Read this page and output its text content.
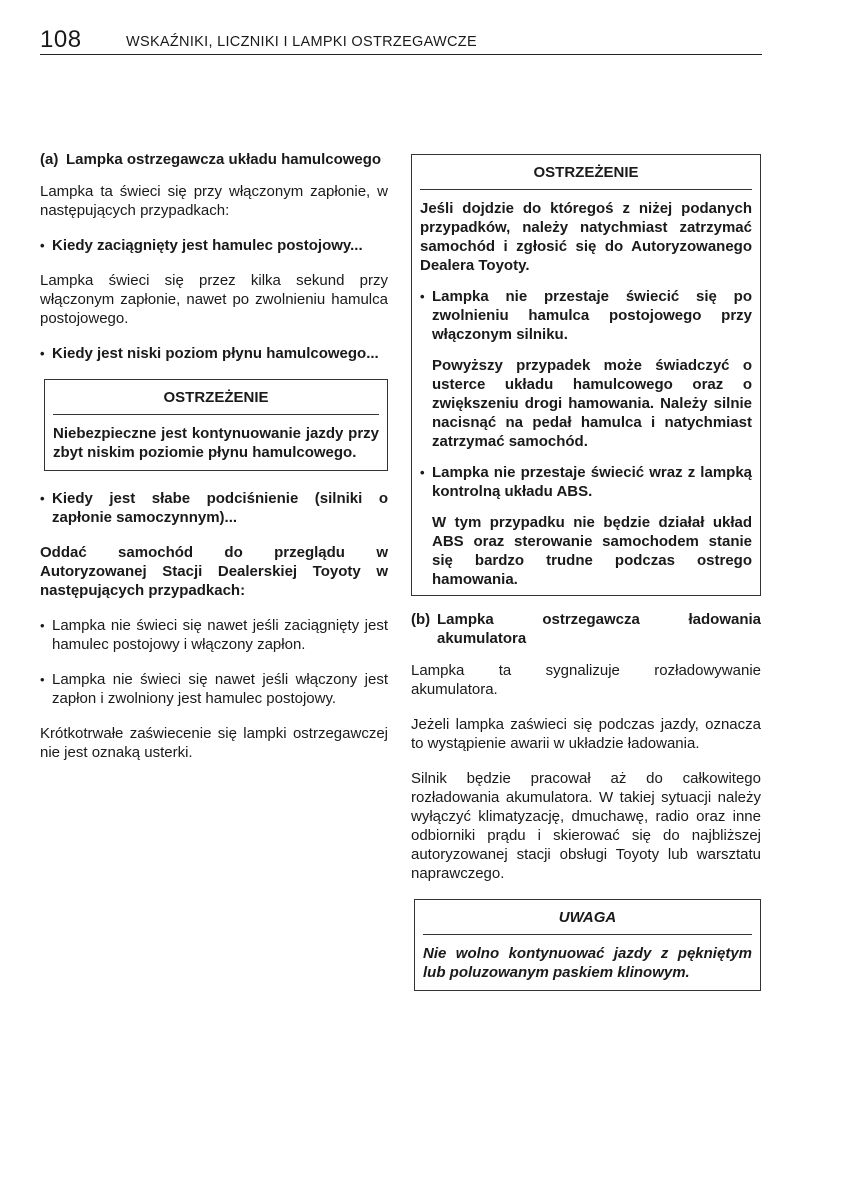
108	WSKAŹNIKI, LICZNIKI I LAMPKI OSTRZEGAWCZE
(a) Lampka ostrzegawcza układu hamulcowego

Lampka ta świeci się przy włączonym zapłonie, w następujących przypadkach:

• Kiedy zaciągnięty jest hamulec postojowy...

Lampka świeci się przez kilka sekund przy włączonym zapłonie, nawet po zwolnieniu hamulca postojowego.

• Kiedy jest niski poziom płynu hamulcowego...
OSTRZEŻENIE

Niebezpieczne jest kontynuowanie jazdy przy zbyt niskim poziomie płynu hamulcowego.

• Kiedy jest słabe podciśnienie (silniki o zapłonie samoczynnym)...

Oddać samochód do przeglądu w Autoryzowanej Stacji Dealerskiej Toyoty w następujących przypadkach:

• Lampka nie świeci się nawet jeśli zaciągnięty jest hamulec postojowy i włączony zapłon.
• Lampka nie świeci się nawet jeśli włączony jest zapłon i zwolniony jest hamulec postojowy.

Krótkotrwałe zaświecenie się lampki ostrzegawczej nie jest oznaką usterki.

OSTRZEŻENIE

Jeśli dojdzie do któregoś z niżej podanych przypadków, należy natychmiast zatrzymać samochód i zgłosić się do Autoryzowanego Dealera Toyoty.

• Lampka nie przestaje świecić się po zwolnieniu hamulca postojowego przy włączonym silniku.

Powyższy przypadek może świadczyć o usterce układu hamulcowego oraz o zwiększeniu drogi hamowania. Należy silnie nacisnąć na pedał hamulca i natychmiast zatrzymać samochód.

• Lampka nie przestaje świecić wraz z lampką kontrolną układu ABS.

W tym przypadku nie będzie działał układ ABS oraz sterowanie samochodem stanie się bardzo trudne podczas ostrego hamowania.

(b) Lampka ostrzegawcza ładowania akumulatora

Lampka ta sygnalizuje rozładowywanie akumulatora.

Jeżeli lampka zaświeci się podczas jazdy, oznacza to wystąpienie awarii w układzie ładowania.

Silnik będzie pracował aż do całkowitego rozładowania akumulatora. W takiej sytuacji należy wyłączyć klimatyzację, dmuchawę, radio oraz inne odbiorniki prądu i skierować się do najbliższej autoryzowanej stacji obsługi Toyoty lub warsztatu naprawczego.

UWAGA

Nie wolno kontynuować jazdy z pękniętym lub poluzowanym paskiem klinowym.
